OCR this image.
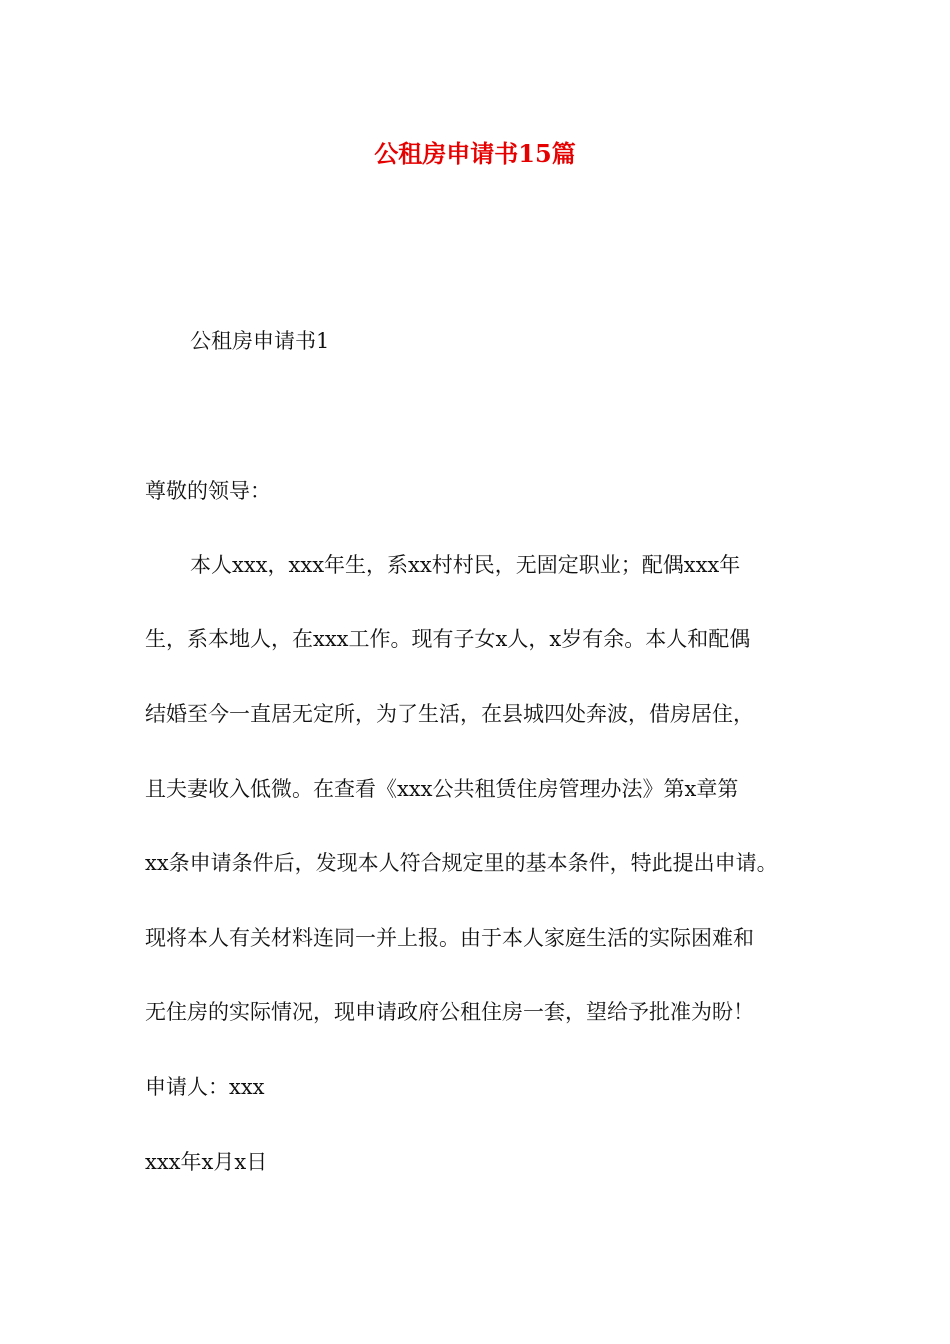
公租房申请书15篇
公租房申请书1
尊敬的领导：
本人xxx，xxx年生，系xx村村民，无固定职业；配偶xxx年
生，系本地人，在xxx工作。现有子女x人，x岁有余。本人和配偶
结婚至今一直居无定所，为了生活，在县城四处奔波，借房居住，
且夫妻收入低微。在查看《xxx公共租赁住房管理办法》第x章第
xx条申请条件后，发现本人符合规定里的基本条件，特此提出申请。
现将本人有关材料连同一并上报。由于本人家庭生活的实际困难和
无住房的实际情况，现申请政府公租住房一套，望给予批准为盼！
申请人：xxx
xxx年x月x日
